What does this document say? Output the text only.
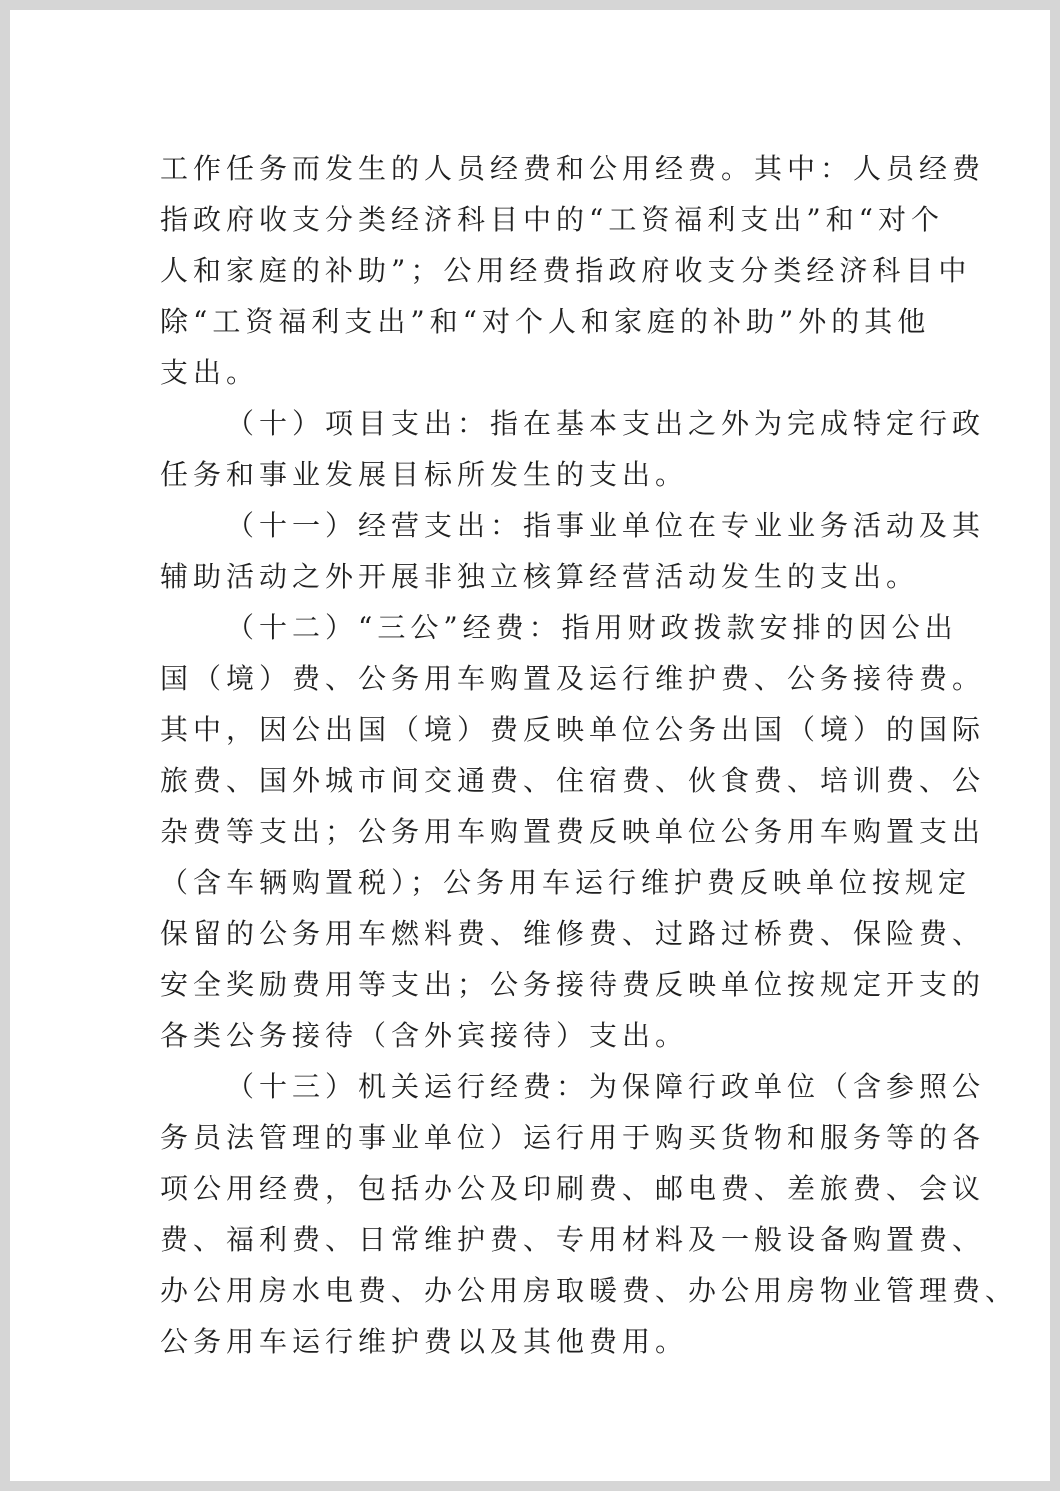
工作任务而发生的人员经费和公用经费。其中：人员经费
指政府收支分类经济科目中的“工资福利支出”和“对个
人和家庭的补助”；公用经费指政府收支分类经济科目中
除“工资福利支出”和“对个人和家庭的补助”外的其他
支出。
（十）项目支出：指在基本支出之外为完成特定行政
任务和事业发展目标所发生的支出。
（十一）经营支出：指事业单位在专业业务活动及其
辅助活动之外开展非独立核算经营活动发生的支出。
（十二）“三公”经费：指用财政拨款安排的因公出
国（境）费、公务用车购置及运行维护费、公务接待费。
其中，因公出国（境）费反映单位公务出国（境）的国际
旅费、国外城市间交通费、住宿费、伙食费、培训费、公
杂费等支出；公务用车购置费反映单位公务用车购置支出
（含车辆购置税）；公务用车运行维护费反映单位按规定
保留的公务用车燃料费、维修费、过路过桥费、保险费、
安全奖励费用等支出；公务接待费反映单位按规定开支的
各类公务接待（含外宾接待）支出。
（十三）机关运行经费：为保障行政单位（含参照公
务员法管理的事业单位）运行用于购买货物和服务等的各
项公用经费，包括办公及印刷费、邮电费、差旅费、会议
费、福利费、日常维护费、专用材料及一般设备购置费、
办公用房水电费、办公用房取暖费、办公用房物业管理费、
公务用车运行维护费以及其他费用。
